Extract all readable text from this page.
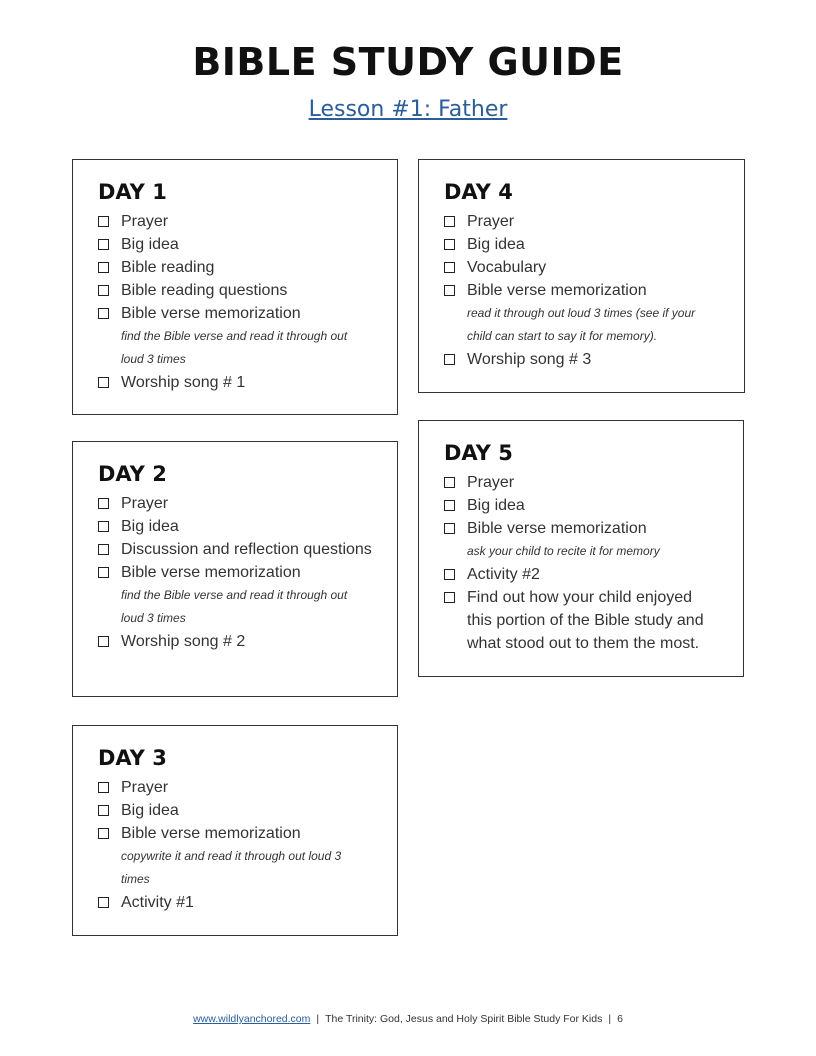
BIBLE STUDY GUIDE
Lesson #1: Father
DAY 1
Prayer
Big idea
Bible reading
Bible reading questions
Bible verse memorization
find the Bible verse and read it through out loud 3 times
Worship song # 1
DAY 2
Prayer
Big idea
Discussion and reflection questions
Bible verse memorization
find the Bible verse and read it through out loud 3 times
Worship song # 2
DAY 3
Prayer
Big idea
Bible verse memorization
copywrite it and read it through out loud 3 times
Activity #1
DAY 4
Prayer
Big idea
Vocabulary
Bible verse memorization
read it through out loud 3 times (see if your child can start to say it for memory).
Worship song # 3
DAY 5
Prayer
Big idea
Bible verse memorization
ask your child to recite it for memory
Activity #2
Find out how your child enjoyed this portion of the Bible study and what stood out to them the most.
www.wildlyanchored.com | The Trinity: God, Jesus and Holy Spirit Bible Study For Kids | 6
